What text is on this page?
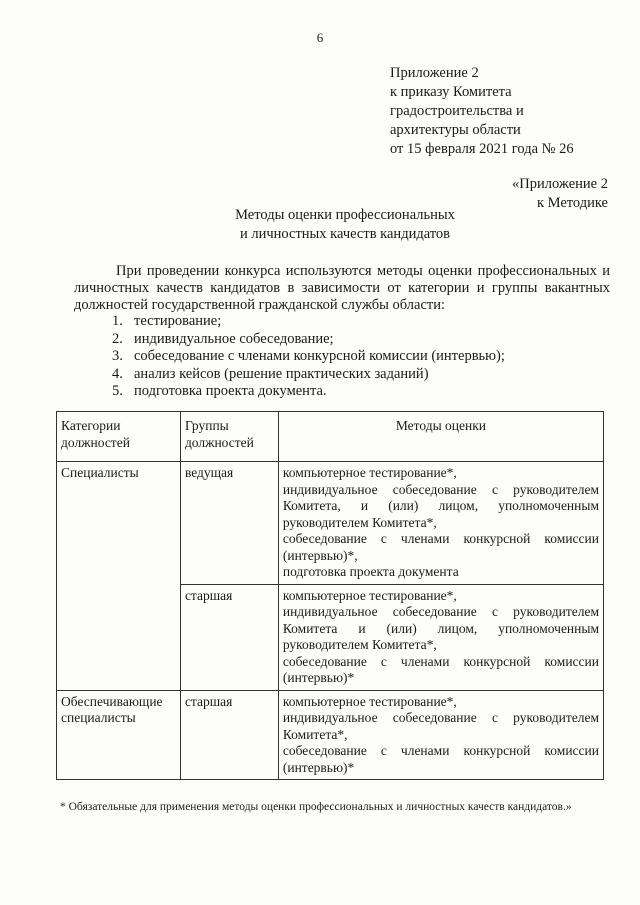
6
Приложение 2
к приказу Комитета
градостроительства и
архитектуры области
от 15 февраля 2021 года № 26
«Приложение 2
к Методике
Методы оценки профессиональных
и личностных качеств кандидатов

При проведении конкурса используются методы оценки профессиональных и личностных качеств кандидатов в зависимости от категории и группы вакантных должностей государственной гражданской службы области:

1. тестирование;
2. индивидуальное собеседование;
3. собеседование с членами конкурсной комиссии (интервью);
4. анализ кейсов (решение практических заданий)
5. подготовка проекта документа.
Категории должностей	Группы должностей	Методы оценки
Специалисты	ведущая	компьютерное тестирование*,
индивидуальное собеседование с руководителем Комитета, и (или) лицом, уполномоченным руководителем Комитета*,
собеседование с членами конкурсной комиссии (интервью)*,
подготовка проекта документа

	старшая	компьютерное тестирование*,
индивидуальное собеседование с руководителем Комитета и (или) лицом, уполномоченным руководителем Комитета*,
собеседование с членами конкурсной комиссии (интервью)*

Обеспечивающие специалисты	старшая	компьютерное тестирование*,
индивидуальное собеседование с руководителем Комитета*,
собеседование с членами конкурсной комиссии (интервью)*
* Обязательные для применения методы оценки профессиональных и личностных качеств кандидатов.»
